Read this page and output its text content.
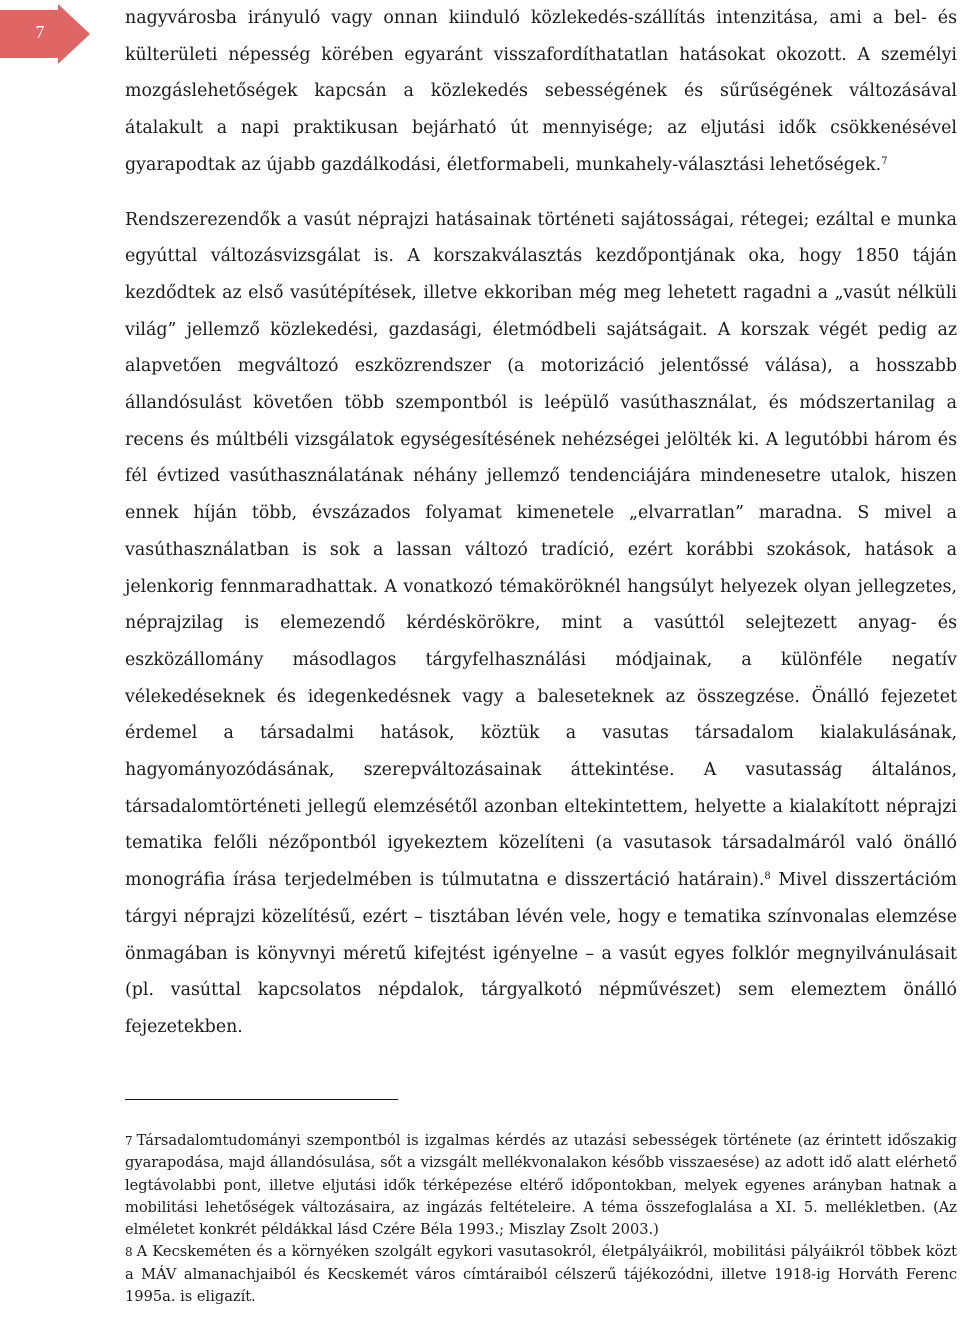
7

nagyvárosba irányuló vagy onnan kiinduló közlekedés-szállítás intenzitása, ami a bel- és külterületi népesség körében egyaránt visszafordíthatatlan hatásokat okozott. A személyi mozgáslehetőségek kapcsán a közlekedés sebességének és sűrűségének változásával átalakult a napi praktikusan bejárható út mennyisége; az eljutási idők csökkenésével gyarapodtak az újabb gazdálkodási, életformabeli, munkahely-választási lehetőségek.$^7$

Rendszerezendők a vasút néprajzi hatásainak történeti sajátosságai, rétegei; ezáltal e munka egyúttal változásvizsgálat is. A korszakválasztás kezdőpontjának oka, hogy 1850 táján kezdődtek az első vasútépítések, illetve ekkoriban még meg lehetett ragadni a „vasút nélküli világ” jellemző közlekedési, gazdasági, életmódbeli sajátságait. A korszak végét pedig az alapvetően megváltozó eszközrendszer (a motorizáció jelentőssé válása), a hosszabb állandósulást követően több szempontból is leépülő vasúthasználat, és módszertanilag a recens és múltbéli vizsgálatok egységesítésének nehézségei jelölték ki. A legutóbbi három és fél évtized vasúthasználatának néhány jellemző tendenciájára mindenesetre utalok, hiszen ennek híján több, évszázados folyamat kimenetele „elvarratlan” maradna. S mivel a vasúthasználatban is sok a lassan változó tradíció, ezért korábbi szokások, hatások a jelenkorig fennmaradhattak. A vonatkozó témaköröknél hangsúlyt helyezek olyan jellegzetes, néprajzilag is elemezendő kérdéskörökre, mint a vasúttól selejtezett anyag- és eszközállomány másodlagos tárgyfelhasználási módjainak, a különféle negatív vélekedéseknek és idegenkedésnek vagy a baleseteknek az összegzése. Önálló fejezetet érdemel a társadalmi hatások, köztük a vasutas társadalom kialakulásának, hagyományozódásának, szerepváltozásainak áttekintése. A vasutasság általános, társadalomtörténeti jellegű elemzésétől azonban eltekintettem, helyette a kialakított néprajzi tematika felőli nézőpontból igyekeztem közelíteni (a vasutasok társadalmáról való önálló monográfia írása terjedelmében is túlmutatna e disszertáció határain).$^8$ Mivel disszertációm tárgyi néprajzi közelítésű, ezért – tisztában lévén vele, hogy e tematika színvonalas elemzése önmagában is könyvnyi méretű kifejtést igényelne – a vasút egyes folklór megnyilvánulásait (pl. vasúttal kapcsolatos népdalok, tárgyalkotó népművészet) sem elemeztem önálló fejezetekben.

7 Társadalomtudományi szempontból is izgalmas kérdés az utazási sebességek története (az érintett időszakig gyarapodása, majd állandósulása, sőt a vizsgált mellékvonalakon később visszaesése) az adott idő alatt elérhető legtávolabbi pont, illetve eljutási idők térképezése eltérő időpontokban, melyek egyenes arányban hatnak a mobilitási lehetőségek változásaira, az ingázás feltételeire. A téma összefoglalása a XI. 5. mellékletben. (Az elméletet konkrét példákkal lásd Czére Béla 1993.; Miszlay Zsolt 2003.)

8 A Kecskeméten és a környéken szolgált egykori vasutasokról, életpályáikról, mobilitási pályáikról többek közt a MÁV almanachjaiból és Kecskemét város címtáraiból célszerű tájékozódni, illetve 1918-ig Horváth Ferenc 1995a. is eligazít.
